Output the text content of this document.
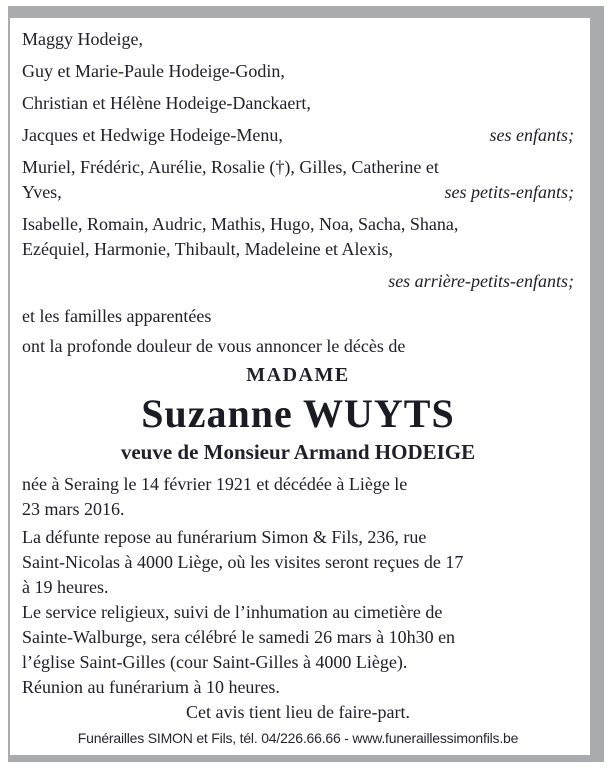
Maggy Hodeige,
Guy et Marie-Paule Hodeige-Godin,
Christian et Hélène Hodeige-Danckaert,
Jacques et Hedwige Hodeige-Menu,	ses enfants;
Muriel, Frédéric, Aurélie, Rosalie (†), Gilles, Catherine et
Yves,	ses petits-enfants;
Isabelle, Romain, Audric, Mathis, Hugo, Noa, Sacha, Shana,
Ezéquiel, Harmonie, Thibault, Madeleine et Alexis,
ses arrière-petits-enfants;
et les familles apparentées
ont la profonde douleur de vous annoncer le décès de
MADAME
Suzanne WUYTS
veuve de Monsieur Armand HODEIGE
née à Seraing le 14 février 1921 et décédée à Liège le
23 mars 2016.
La défunte repose au funérarium Simon & Fils, 236, rue
Saint-Nicolas à 4000 Liège, où les visites seront reçues de 17
à 19 heures.
Le service religieux, suivi de l’inhumation au cimetière de
Sainte-Walburge, sera célébré le samedi 26 mars à 10h30 en
l’église Saint-Gilles (cour Saint-Gilles à 4000 Liège).
Réunion au funérarium à 10 heures.
Cet avis tient lieu de faire-part.
Funérailles SIMON et Fils, tél. 04/226.66.66 - www.funeraillessimonfils.be
